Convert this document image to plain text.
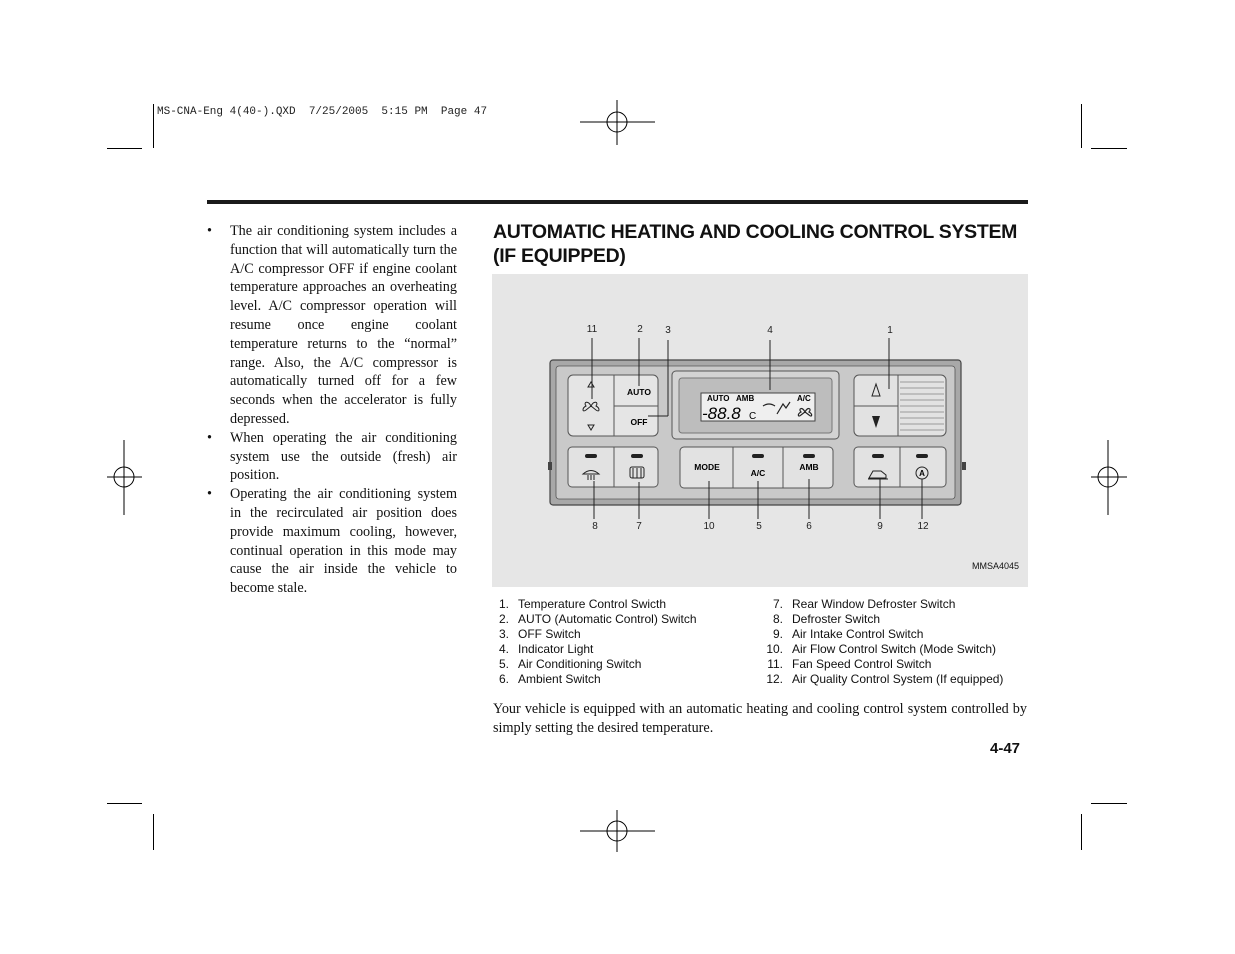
MS-CNA-Eng 4(40-).QXD  7/25/2005  5:15 PM  Page 47
• The air conditioning system includes a function that will automatically turn the A/C compressor OFF if engine coolant temperature approaches an overheating level. A/C compressor operation will resume once engine coolant temperature returns to the “normal” range. Also, the A/C compressor is automatically turned off for a few seconds when the accelerator is fully depressed.
• When operating the air conditioning system use the outside (fresh) air position.
• Operating the air conditioning system in the recirculated air position does provide maximum cooling, however, continual operation in this mode may cause the air inside the vehicle to become stale.
AUTOMATIC HEATING AND COOLING CONTROL SYSTEM (IF EQUIPPED)
AUTO
OFF
AUTO AMB	A/C
-88.8 C
MODE
A/C
AMB
A
11	2 3	4	1
8	7	10	5	6	9	12
MMSA4045
1. Temperature Control Swicth
2. AUTO (Automatic Control) Switch
3. OFF Switch
4. Indicator Light
5. Air Conditioning Switch
6. Ambient Switch
7. Rear Window Defroster Switch
8. Defroster Switch
9. Air Intake Control Switch
10. Air Flow Control Switch (Mode Switch)
11. Fan Speed Control Switch
12. Air Quality Control System (If equipped)
Your vehicle is equipped with an automatic heating and cooling control system controlled by simply setting the desired temperature.
4-47
